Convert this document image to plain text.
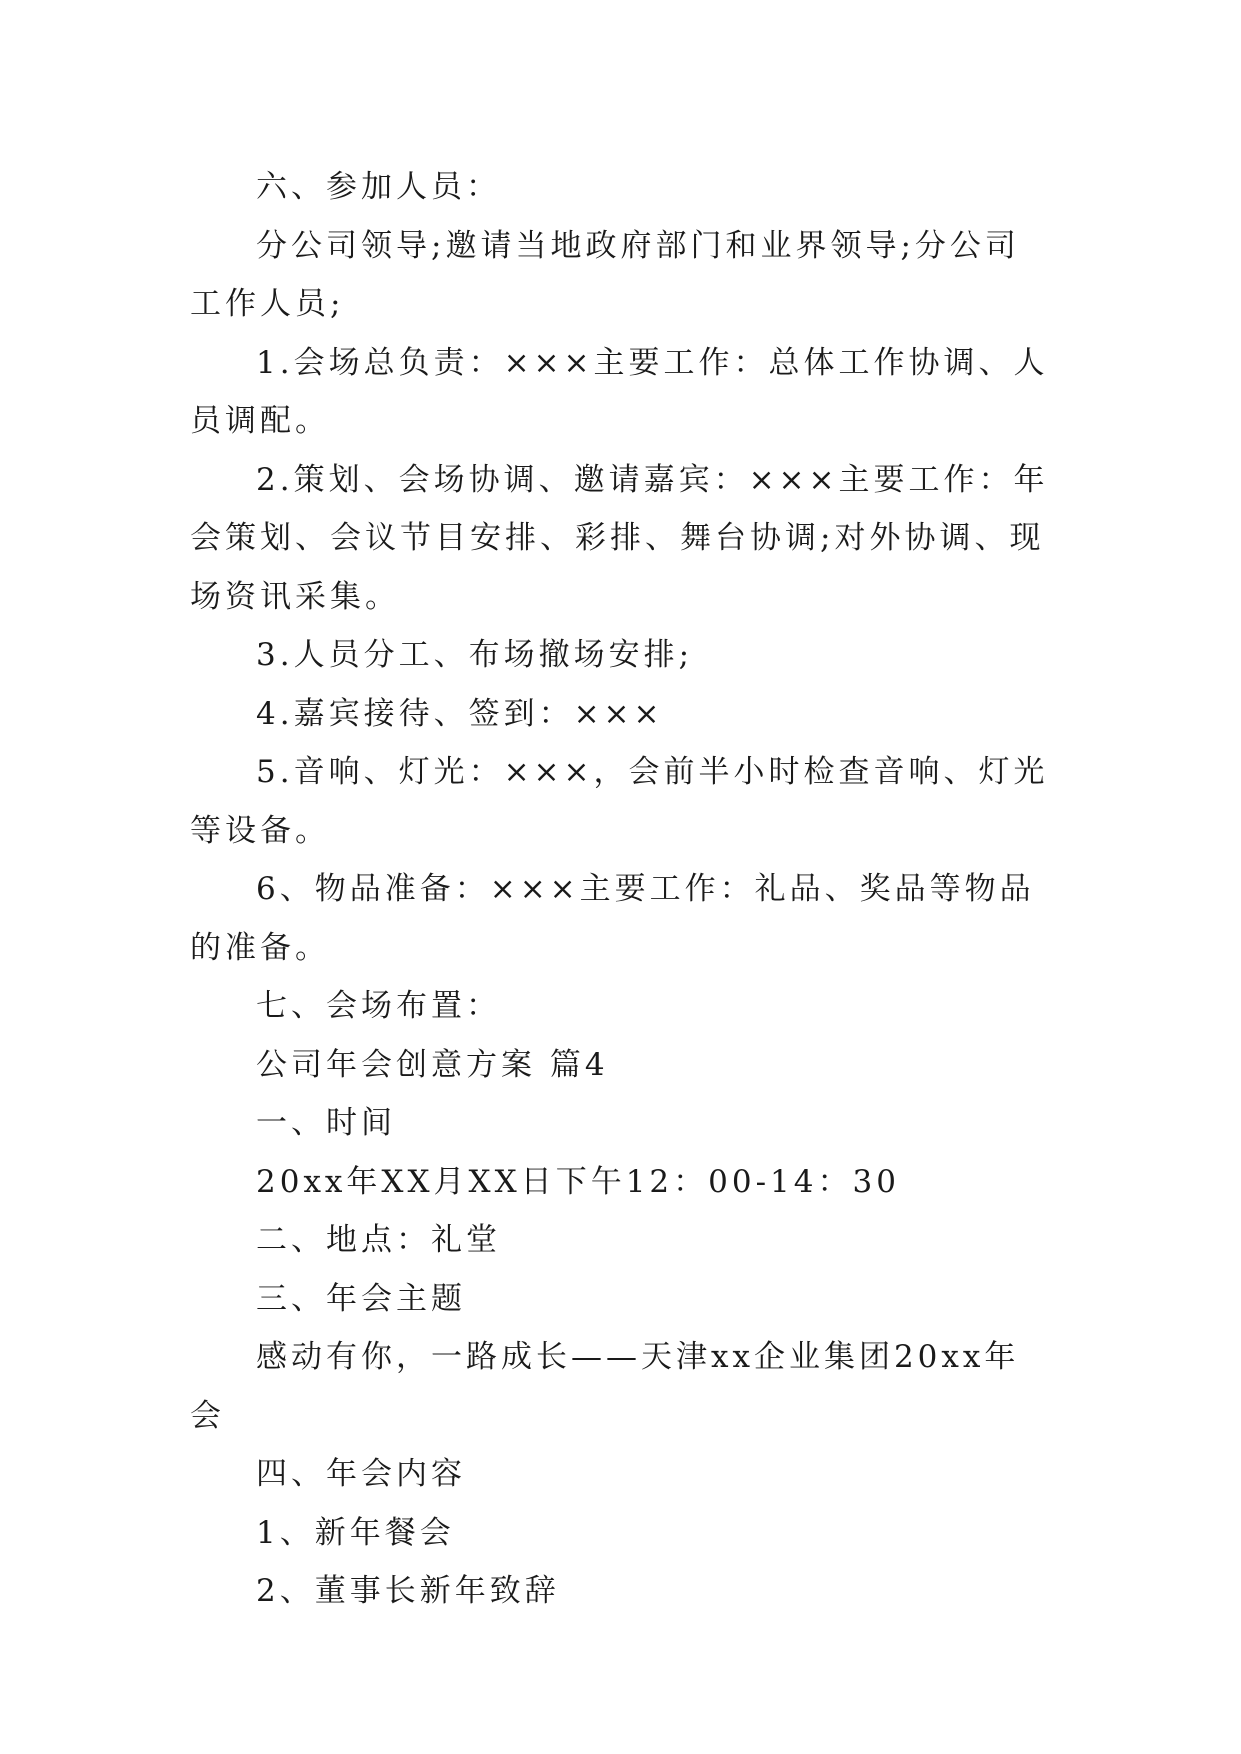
六、参加人员：

分公司领导;邀请当地政府部门和业界领导;分公司工作人员;

1.会场总负责：×××主要工作：总体工作协调、人员调配。

2.策划、会场协调、邀请嘉宾：×××主要工作：年会策划、会议节目安排、彩排、舞台协调;对外协调、现场资讯采集。

3.人员分工、布场撤场安排;

4.嘉宾接待、签到：×××

5.音响、灯光：×××，会前半小时检查音响、灯光等设备。

6、物品准备：×××主要工作：礼品、奖品等物品的准备。

七、会场布置：

公司年会创意方案 篇4

一、时间

20xx年XX月XX日下午12：00-14：30

二、地点：礼堂

三、年会主题

感动有你，一路成长——天津xx企业集团20xx年会

四、年会内容

1、新年餐会

2、董事长新年致辞
